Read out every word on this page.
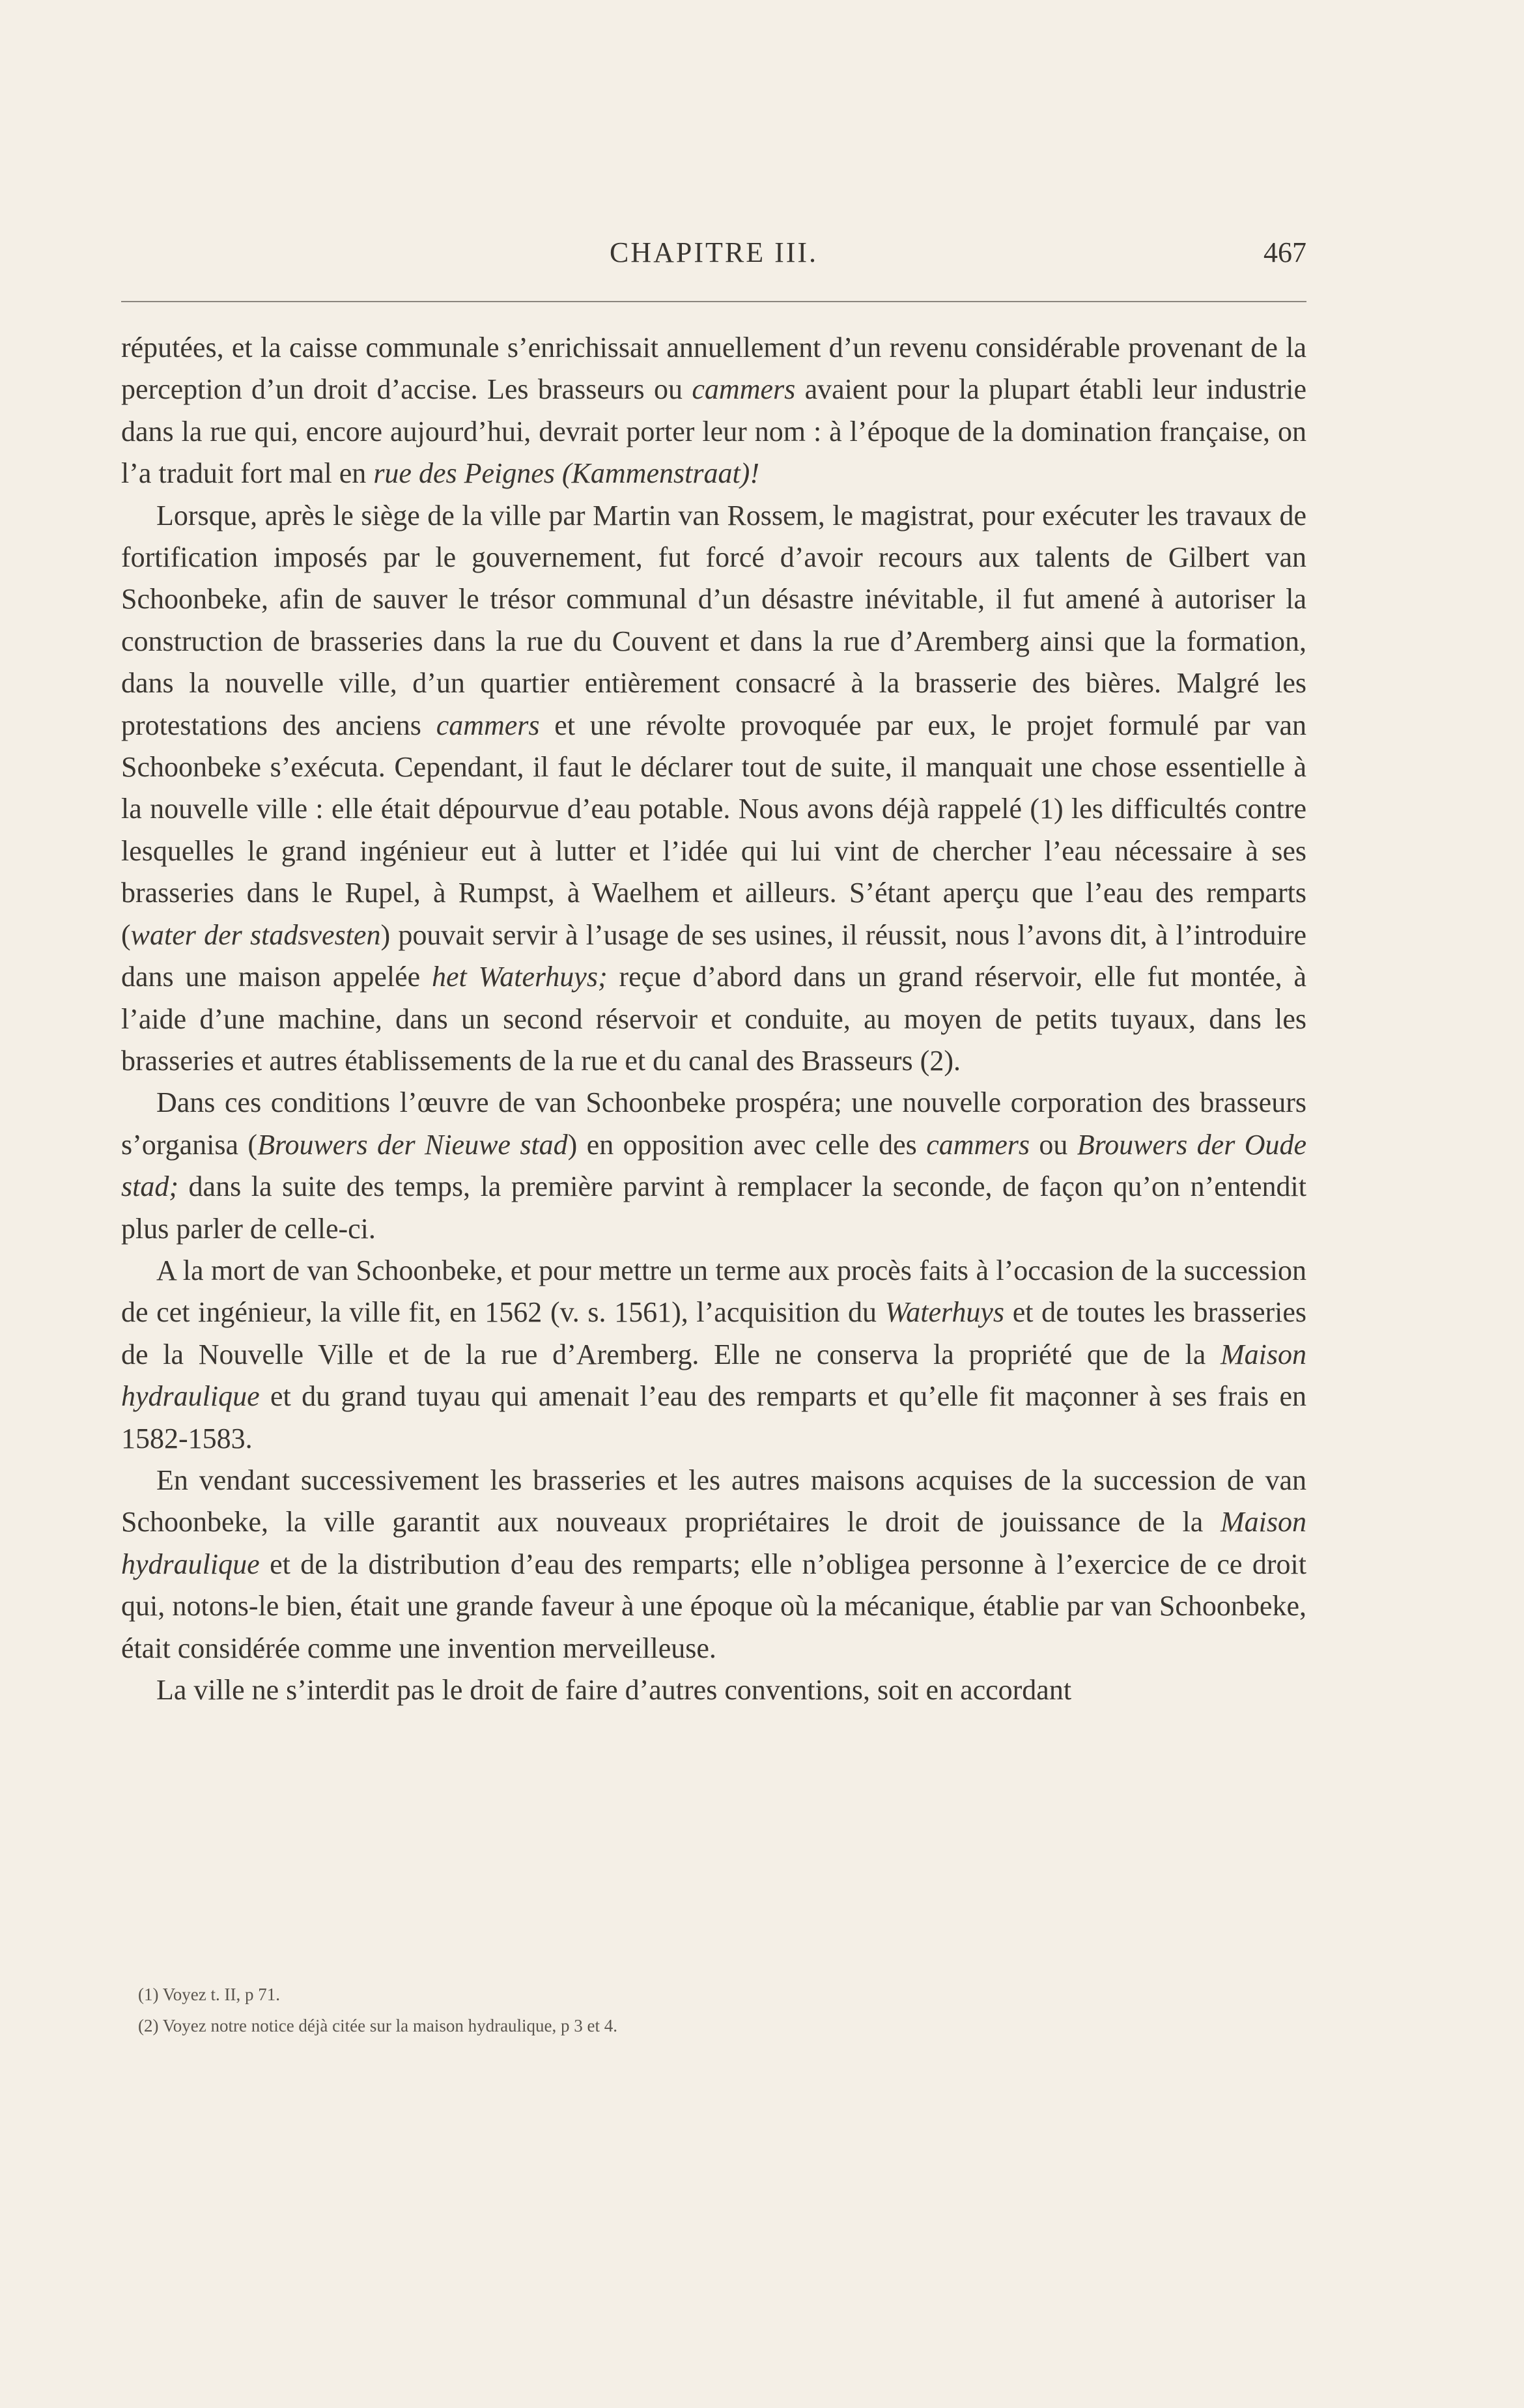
CHAPITRE III.	467

réputées, et la caisse communale s’enrichissait annuellement d’un revenu considérable provenant de la perception d’un droit d’accise. Les brasseurs ou cammers avaient pour la plupart établi leur industrie dans la rue qui, encore aujourd’hui, devrait porter leur nom : à l’époque de la domination française, on l’a traduit fort mal en rue des Peignes (Kammenstraat)!

Lorsque, après le siège de la ville par Martin van Rossem, le magistrat, pour exécuter les travaux de fortification imposés par le gouvernement, fut forcé d’avoir recours aux talents de Gilbert van Schoonbeke, afin de sauver le trésor communal d’un désastre inévitable, il fut amené à autoriser la construction de brasseries dans la rue du Couvent et dans la rue d’Aremberg ainsi que la formation, dans la nouvelle ville, d’un quartier entièrement consacré à la brasserie des bières. Malgré les protestations des anciens cammers et une révolte provoquée par eux, le projet formulé par van Schoonbeke s’exécuta. Cependant, il faut le déclarer tout de suite, il manquait une chose essentielle à la nouvelle ville : elle était dépourvue d’eau potable. Nous avons déjà rappelé (1) les difficultés contre lesquelles le grand ingénieur eut à lutter et l’idée qui lui vint de chercher l’eau nécessaire à ses brasseries dans le Rupel, à Rumpst, à Waelhem et ailleurs. S’étant aperçu que l’eau des remparts (water der stadsvesten) pouvait servir à l’usage de ses usines, il réussit, nous l’avons dit, à l’introduire dans une maison appelée het Waterhuys; reçue d’abord dans un grand réservoir, elle fut montée, à l’aide d’une machine, dans un second réservoir et conduite, au moyen de petits tuyaux, dans les brasseries et autres établissements de la rue et du canal des Brasseurs (2).

Dans ces conditions l’œuvre de van Schoonbeke prospéra; une nouvelle corporation des brasseurs s’organisa (Brouwers der Nieuwe stad) en opposition avec celle des cammers ou Brouwers der Oude stad; dans la suite des temps, la première parvint à remplacer la seconde, de façon qu’on n’entendit plus parler de celle-ci.

A la mort de van Schoonbeke, et pour mettre un terme aux procès faits à l’occasion de la succession de cet ingénieur, la ville fit, en 1562 (v. s. 1561), l’acquisition du Waterhuys et de toutes les brasseries de la Nouvelle Ville et de la rue d’Aremberg. Elle ne conserva la propriété que de la Maison hydraulique et du grand tuyau qui amenait l’eau des remparts et qu’elle fit maçonner à ses frais en 1582-1583.

En vendant successivement les brasseries et les autres maisons acquises de la succession de van Schoonbeke, la ville garantit aux nouveaux propriétaires le droit de jouissance de la Maison hydraulique et de la distribution d’eau des remparts; elle n’obligea personne à l’exercice de ce droit qui, notons-le bien, était une grande faveur à une époque où la mécanique, établie par van Schoonbeke, était considérée comme une invention merveilleuse.

La ville ne s’interdit pas le droit de faire d’autres conventions, soit en accordant

(1) Voyez t. II, p 71.
(2) Voyez notre notice déjà citée sur la maison hydraulique, p 3 et 4.
